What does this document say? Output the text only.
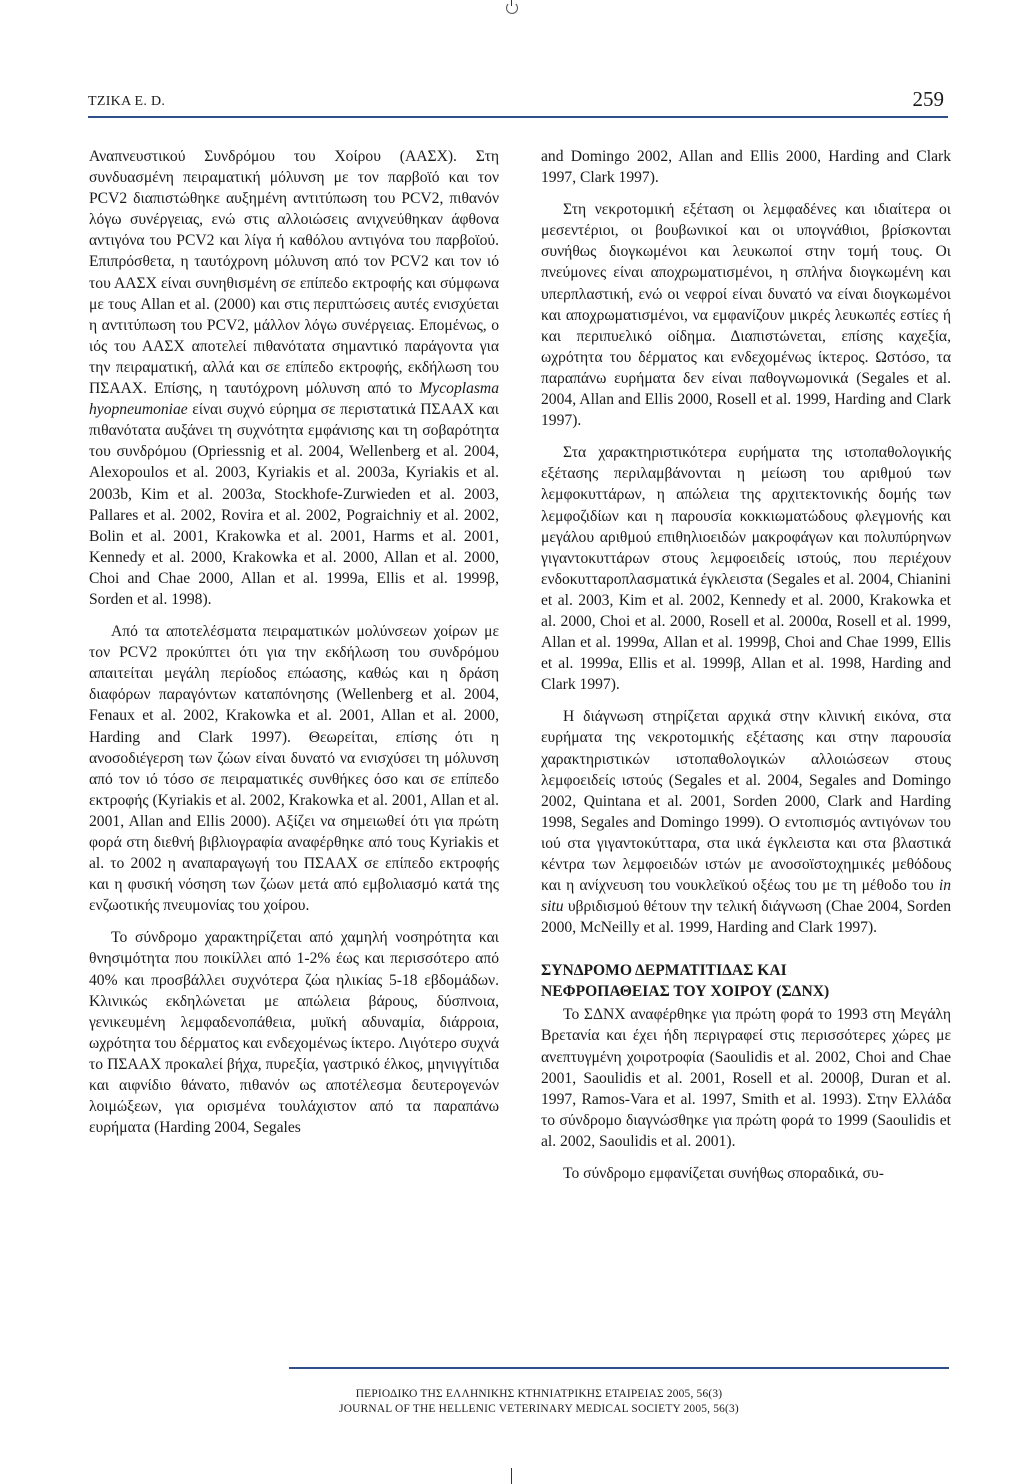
TZIKA E. D.	259

Αναπνευστικού Συνδρόμου του Χοίρου (ΑΑΣΧ). Στη συνδυασμένη πειραματική μόλυνση με τον παρβοϊό και τον PCV2 διαπιστώθηκε αυξημένη αντιτύπωση του PCV2, πιθανόν λόγω συνέργειας, ενώ στις αλλοιώσεις ανιχνεύθηκαν άφθονα αντιγόνα του PCV2 και λίγα ή καθόλου αντιγόνα του παρβοϊού. Επιπρόσθετα, η ταυτόχρονη μόλυνση από τον PCV2 και τον ιό του ΑΑΣΧ είναι συνηθισμένη σε επίπεδο εκτροφής και σύμφωνα με τους Allan et al. (2000) και στις περιπτώσεις αυτές ενισχύεται η αντιτύπωση του PCV2, μάλλον λόγω συνέργειας. Επομένως, ο ιός του ΑΑΣΧ αποτελεί πιθανότατα σημαντικό παράγοντα για την πειραματική, αλλά και σε επίπεδο εκτροφής, εκδήλωση του ΠΣΑΑΧ. Επίσης, η ταυτόχρονη μόλυνση από το Mycoplasma hyopneumoniae είναι συχνό εύρημα σε περιστατικά ΠΣΑΑΧ και πιθανότατα αυξάνει τη συχνότητα εμφάνισης και τη σοβαρότητα του συνδρόμου (Opriessnig et al. 2004, Wellenberg et al. 2004, Alexopoulos et al. 2003, Kyriakis et al. 2003a, Kyriakis et al. 2003b, Kim et al. 2003α, Stockhofe-Zurwieden et al. 2003, Pallares et al. 2002, Rovira et al. 2002, Pograichniy et al. 2002, Bolin et al. 2001, Krakowka et al. 2001, Harms et al. 2001, Kennedy et al. 2000, Krakowka et al. 2000, Allan et al. 2000, Choi and Chae 2000, Allan et al. 1999a, Ellis et al. 1999β, Sorden et al. 1998).

Από τα αποτελέσματα πειραματικών μολύνσεων χοίρων με τον PCV2 προκύπτει ότι για την εκδήλωση του συνδρόμου απαιτείται μεγάλη περίοδος επώασης, καθώς και η δράση διαφόρων παραγόντων καταπόνησης (Wellenberg et al. 2004, Fenaux et al. 2002, Krakowka et al. 2001, Allan et al. 2000, Harding and Clark 1997). Θεωρείται, επίσης ότι η ανοσοδιέγερση των ζώων είναι δυνατό να ενισχύσει τη μόλυνση από τον ιό τόσο σε πειραματικές συνθήκες όσο και σε επίπεδο εκτροφής (Kyriakis et al. 2002, Krakowka et al. 2001, Allan et al. 2001, Allan and Ellis 2000). Αξίζει να σημειωθεί ότι για πρώτη φορά στη διεθνή βιβλιογραφία αναφέρθηκε από τους Kyriakis et al. το 2002 η αναπαραγωγή του ΠΣΑΑΧ σε επίπεδο εκτροφής και η φυσική νόσηση των ζώων μετά από εμβολιασμό κατά της ενζωοτικής πνευμονίας του χοίρου.

Το σύνδρομο χαρακτηρίζεται από χαμηλή νοσηρότητα και θνησιμότητα που ποικίλλει από 1-2% έως και περισσότερο από 40% και προσβάλλει συχνότερα ζώα ηλικίας 5-18 εβδομάδων. Κλινικώς εκδηλώνεται με απώλεια βάρους, δύσπνοια, γενικευμένη λεμφαδενοπάθεια, μυϊκή αδυναμία, διάρροια, ωχρότητα του δέρματος και ενδεχομένως ίκτερο. Λιγότερο συχνά το ΠΣΑΑΧ προκαλεί βήχα, πυρεξία, γαστρικό έλκος, μηνιγγίτιδα και αιφνίδιο θάνατο, πιθανόν ως αποτέλεσμα δευτερογενών λοιμώξεων, για ορισμένα τουλάχιστον από τα παραπάνω ευρήματα (Harding 2004, Segales

and Domingo 2002, Allan and Ellis 2000, Harding and Clark 1997, Clark 1997).

Στη νεκροτομική εξέταση οι λεμφαδένες και ιδιαίτερα οι μεσεντέριοι, οι βουβωνικοί και οι υπογνάθιοι, βρίσκονται συνήθως διογκωμένοι και λευκωποί στην τομή τους. Οι πνεύμονες είναι αποχρωματισμένοι, η σπλήνα διογκωμένη και υπερπλαστική, ενώ οι νεφροί είναι δυνατό να είναι διογκωμένοι και αποχρωματισμένοι, να εμφανίζουν μικρές λευκωπές εστίες ή και περιπυελικό οίδημα. Διαπιστώνεται, επίσης καχεξία, ωχρότητα του δέρματος και ενδεχομένως ίκτερος. Ωστόσο, τα παραπάνω ευρήματα δεν είναι παθογνωμονικά (Segales et al. 2004, Allan and Ellis 2000, Rosell et al. 1999, Harding and Clark 1997).

Στα χαρακτηριστικότερα ευρήματα της ιστοπαθολογικής εξέτασης περιλαμβάνονται η μείωση του αριθμού των λεμφοκυττάρων, η απώλεια της αρχιτεκτονικής δομής των λεμφοζιδίων και η παρουσία κοκκιωματώδους φλεγμονής και μεγάλου αριθμού επιθηλιοειδών μακροφάγων και πολυπύρηνων γιγαντοκυττάρων στους λεμφοειδείς ιστούς, που περιέχουν ενδοκυτταροπλασματικά έγκλειστα (Segales et al. 2004, Chianini et al. 2003, Kim et al. 2002, Kennedy et al. 2000, Krakowka et al. 2000, Choi et al. 2000, Rosell et al. 2000α, Rosell et al. 1999, Allan et al. 1999α, Allan et al. 1999β, Choi and Chae 1999, Ellis et al. 1999α, Ellis et al. 1999β, Allan et al. 1998, Harding and Clark 1997).

Η διάγνωση στηρίζεται αρχικά στην κλινική εικόνα, στα ευρήματα της νεκροτομικής εξέτασης και στην παρουσία χαρακτηριστικών ιστοπαθολογικών αλλοιώσεων στους λεμφοειδείς ιστούς (Segales et al. 2004, Segales and Domingo 2002, Quintana et al. 2001, Sorden 2000, Clark and Harding 1998, Segales and Domingo 1999). Ο εντοπισμός αντιγόνων του ιού στα γιγαντοκύτταρα, στα ιικά έγκλειστα και στα βλαστικά κέντρα των λεμφοειδών ιστών με ανοσοϊστοχημικές μεθόδους και η ανίχνευση του νουκλεϊκού οξέως του με τη μέθοδο του in situ υβριδισμού θέτουν την τελική διάγνωση (Chae 2004, Sorden 2000, McNeilly et al. 1999, Harding and Clark 1997).

ΣΥΝΔΡΟΜΟ ΔΕΡΜΑΤΙΤΙΔΑΣ ΚΑΙ
ΝΕΦΡΟΠΑΘΕΙΑΣ ΤΟΥ ΧΟΙΡΟΥ (ΣΔΝΧ)

Το ΣΔΝΧ αναφέρθηκε για πρώτη φορά το 1993 στη Μεγάλη Βρετανία και έχει ήδη περιγραφεί στις περισσότερες χώρες με ανεπτυγμένη χοιροτροφία (Saoulidis et al. 2002, Choi and Chae 2001, Saoulidis et al. 2001, Rosell et al. 2000β, Duran et al. 1997, Ramos-Vara et al. 1997, Smith et al. 1993). Στην Ελλάδα το σύνδρομο διαγνώσθηκε για πρώτη φορά το 1999 (Saoulidis et al. 2002, Saoulidis et al. 2001).

Το σύνδρομο εμφανίζεται συνήθως σποραδικά, συ-

ΠΕΡΙΟΔΙΚΟ ΤΗΣ ΕΛΛΗΝΙΚΗΣ ΚΤΗΝΙΑΤΡΙΚΗΣ ΕΤΑΙΡΕΙΑΣ 2005, 56(3)
JOURNAL OF THE HELLENIC VETERINARY MEDICAL SOCIETY 2005, 56(3)
